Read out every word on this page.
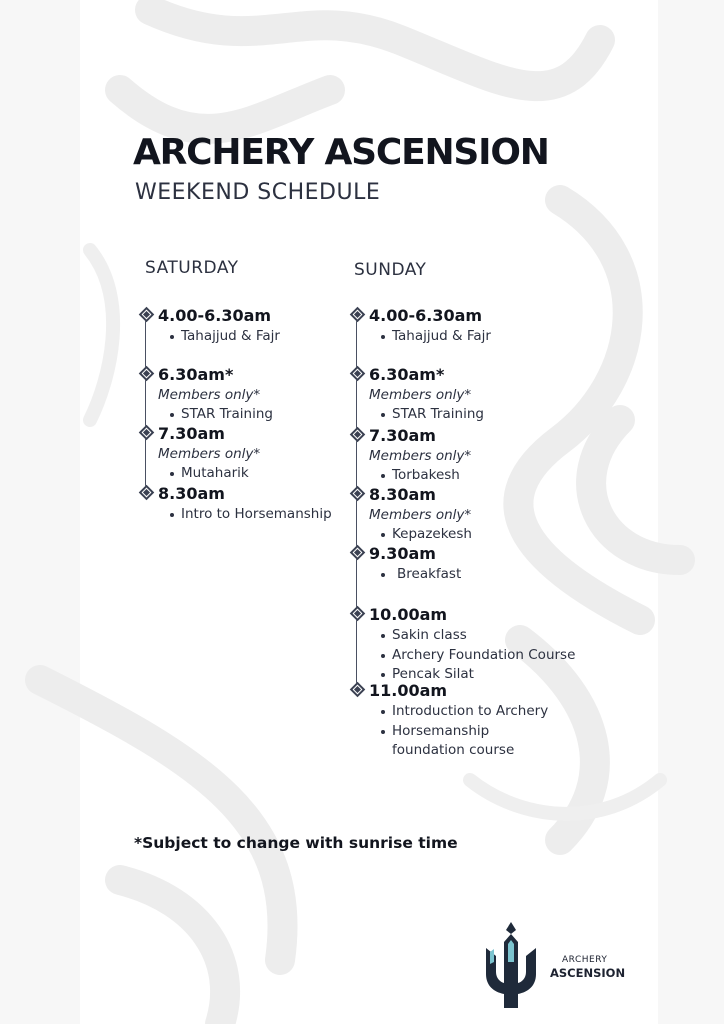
ARCHERY ASCENSION
WEEKEND SCHEDULE
SATURDAY	SUNDAY
4.00-6.30am
Tahajjud & Fajr
6.30am*
Members only*
STAR Training
7.30am
Members only*
Mutaharik
8.30am
Intro to Horsemanship
4.00-6.30am
Tahajjud & Fajr
6.30am*
Members only*
STAR Training
7.30am
Members only*
Torbakesh
8.30am
Members only*
Kepazekesh
9.30am
Breakfast
10.00am
Sakin class
Archery Foundation Course
Pencak Silat
11.00am
Introduction to Archery
Horsemanship
foundation course
*Subject to change with sunrise time
ARCHERY
ASCENSION
